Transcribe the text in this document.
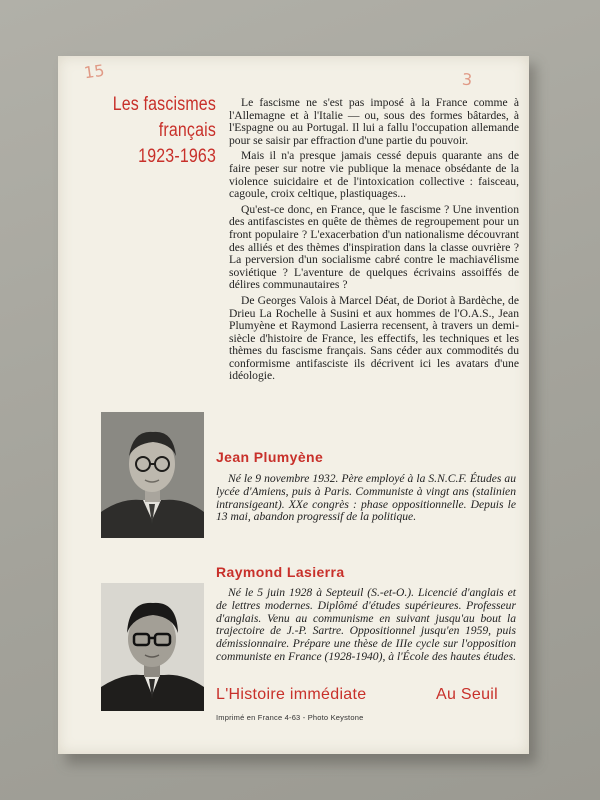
15	3
Les fascismes
français
1923-1963

Le fascisme ne s'est pas imposé à la France comme à l'Allemagne et à l'Italie — ou, sous des formes bâtardes, à l'Espagne ou au Portugal. Il lui a fallu l'occupation allemande pour se saisir par effraction d'une partie du pouvoir.

Mais il n'a presque jamais cessé depuis quarante ans de faire peser sur notre vie publique la menace obsédante de la violence suicidaire et de l'intoxication collective : faisceau, cagoule, croix celtique, plastiquages...

Qu'est-ce donc, en France, que le fascisme ? Une invention des antifascistes en quête de thèmes de regroupement pour un front populaire ? L'exacerbation d'un nationalisme découvrant des alliés et des thèmes d'inspiration dans la classe ouvrière ? La perversion d'un socialisme cabré contre le machiavélisme soviétique ? L'aventure de quelques écrivains assoiffés de délires communautaires ?

De Georges Valois à Marcel Déat, de Doriot à Bardèche, de Drieu La Rochelle à Susini et aux hommes de l'O.A.S., Jean Plumyène et Raymond Lasierra recensent, à travers un demi-siècle d'histoire de France, les effectifs, les techniques et les thèmes du fascisme français. Sans céder aux commodités du conformisme antifasciste ils décrivent ici les avatars d'une idéologie.

Jean Plumyène

Né le 9 novembre 1932. Père employé à la S.N.C.F. Études au lycée d'Amiens, puis à Paris. Communiste à vingt ans (stalinien intransigeant). XXe congrès : phase oppositionnelle. Depuis le 13 mai, abandon progressif de la politique.

Raymond Lasierra

Né le 5 juin 1928 à Septeuil (S.-et-O.). Licencié d'anglais et de lettres modernes. Diplômé d'études supérieures. Professeur d'anglais. Venu au communisme en suivant jusqu'au bout la trajectoire de J.-P. Sartre. Oppositionnel jusqu'en 1959, puis démissionnaire. Prépare une thèse de IIIe cycle sur l'opposition communiste en France (1928-1940), à l'École des hautes études.

L'Histoire immédiate	Au Seuil
Imprimé en France 4-63 - Photo Keystone
